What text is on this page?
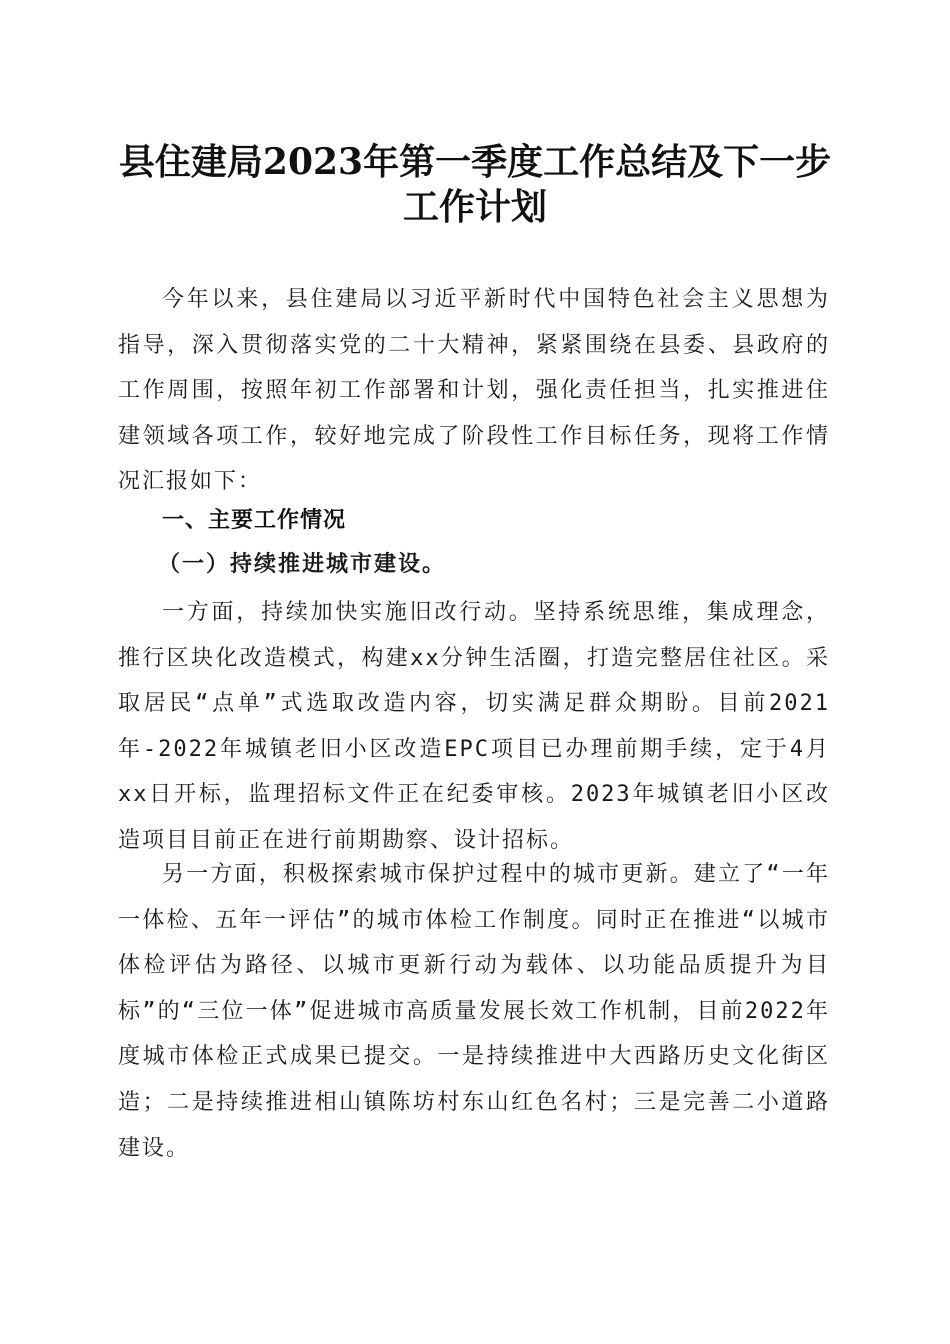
县住建局2023年第一季度工作总结及下一步
工作计划

今年以来，县住建局以习近平新时代中国特色社会主义思想为指导，深入贯彻落实党的二十大精神，紧紧围绕在县委、县政府的工作周围，按照年初工作部署和计划，强化责任担当，扎实推进住建领域各项工作，较好地完成了阶段性工作目标任务，现将工作情况汇报如下：

一、主要工作情况
（一）持续推进城市建设。

一方面，持续加快实施旧改行动。坚持系统思维，集成理念，推行区块化改造模式，构建xx分钟生活圈，打造完整居住社区。采取居民“点单”式选取改造内容，切实满足群众期盼。目前2021年-2022年城镇老旧小区改造EPC项目已办理前期手续，定于4月xx日开标，监理招标文件正在纪委审核。2023年城镇老旧小区改造项目目前正在进行前期勘察、设计招标。

另一方面，积极探索城市保护过程中的城市更新。建立了“一年一体检、五年一评估”的城市体检工作制度。同时正在推进“以城市体检评估为路径、以城市更新行动为载体、以功能品质提升为目标”的“三位一体”促进城市高质量发展长效工作机制，目前2022年度城市体检正式成果已提交。一是持续推进中大西路历史文化街区造；二是持续推进相山镇陈坊村东山红色名村；三是完善二小道路建设。
